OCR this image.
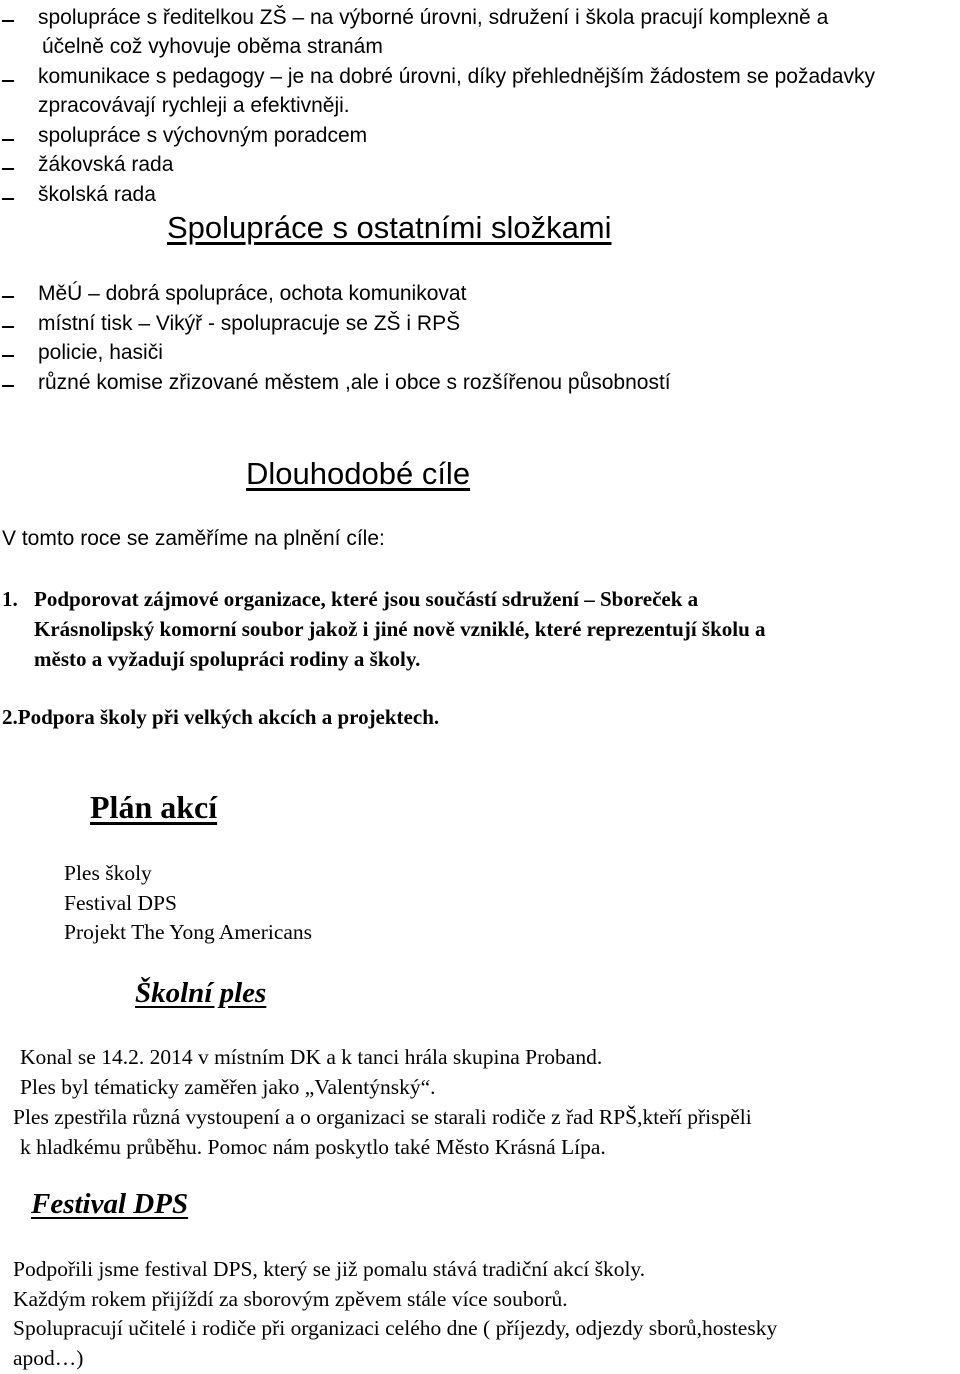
spolupráce s ředitelkou ZŠ – na výborné úrovni, sdružení i škola pracují komplexně a
účelně což vyhovuje oběma stranám
komunikace s pedagogy – je na dobré úrovni, díky přehlednějším žádostem se požadavky
zpracovávají rychleji a efektivněji.
spolupráce s výchovným poradcem
žákovská rada
školská rada
Spolupráce s ostatními složkami
MěÚ – dobrá spolupráce, ochota komunikovat
místní tisk – Vikýř - spolupracuje se ZŠ i RPŠ
policie, hasiči
různé komise zřizované městem ,ale i obce s rozšířenou působností
Dlouhodobé cíle
V tomto roce se zaměříme na plnění cíle:
1. Podporovat zájmové organizace, které jsou součástí sdružení – Sboreček a
Krásnolipský komorní soubor jakož i jiné nově vzniklé, které reprezentují školu a
město a vyžadují spolupráci rodiny a školy.
2.Podpora školy při velkých akcích a projektech.
Plán akcí
Ples školy
Festival DPS
Projekt The Yong Americans
Školní ples
Konal se 14.2. 2014 v místním DK a k tanci hrála skupina Proband.
Ples byl tématicky zaměřen jako „Valentýnský“.
Ples zpestřila různá vystoupení a o organizaci se starali rodiče z řad RPŠ,kteří přispěli
k hladkému průběhu. Pomoc nám poskytlo také Město Krásná Lípa.
Festival DPS
Podpořili jsme festival DPS, který se již pomalu stává tradiční akcí školy.
Každým rokem přijíždí za sborovým zpěvem stále více souborů.
Spolupracují učitelé i rodiče při organizaci celého dne ( příjezdy, odjezdy sborů,hostesky
apod…)
